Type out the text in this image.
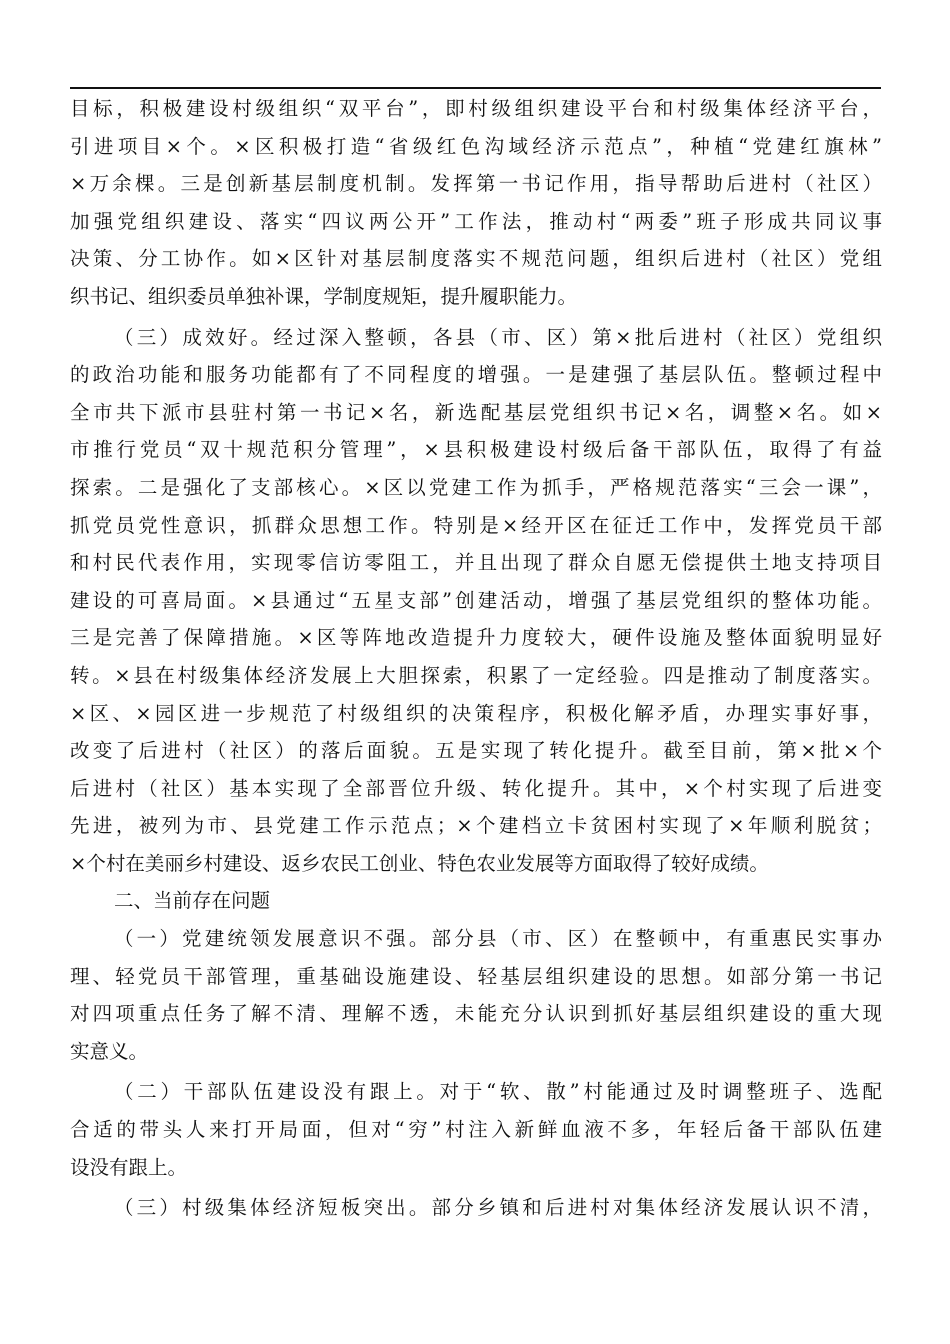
目标，积极建设村级组织“双平台”，即村级组织建设平台和村级集体经济平台，
引进项目×个。×区积极打造“省级红色沟域经济示范点”，种植“党建红旗林”
×万余棵。三是创新基层制度机制。发挥第一书记作用，指导帮助后进村（社区）
加强党组织建设、落实“四议两公开”工作法，推动村“两委”班子形成共同议事
决策、分工协作。如×区针对基层制度落实不规范问题，组织后进村（社区）党组
织书记、组织委员单独补课，学制度规矩，提升履职能力。
（三）成效好。经过深入整顿，各县（市、区）第×批后进村（社区）党组织
的政治功能和服务功能都有了不同程度的增强。一是建强了基层队伍。整顿过程中
全市共下派市县驻村第一书记×名，新选配基层党组织书记×名，调整×名。如×
市推行党员“双十规范积分管理”，×县积极建设村级后备干部队伍，取得了有益
探索。二是强化了支部核心。×区以党建工作为抓手，严格规范落实“三会一课”，
抓党员党性意识，抓群众思想工作。特别是×经开区在征迁工作中，发挥党员干部
和村民代表作用，实现零信访零阻工，并且出现了群众自愿无偿提供土地支持项目
建设的可喜局面。×县通过“五星支部”创建活动，增强了基层党组织的整体功能。
三是完善了保障措施。×区等阵地改造提升力度较大，硬件设施及整体面貌明显好
转。×县在村级集体经济发展上大胆探索，积累了一定经验。四是推动了制度落实。
×区、×园区进一步规范了村级组织的决策程序，积极化解矛盾，办理实事好事，
改变了后进村（社区）的落后面貌。五是实现了转化提升。截至目前，第×批×个
后进村（社区）基本实现了全部晋位升级、转化提升。其中，×个村实现了后进变
先进，被列为市、县党建工作示范点；×个建档立卡贫困村实现了×年顺利脱贫；
×个村在美丽乡村建设、返乡农民工创业、特色农业发展等方面取得了较好成绩。
二、当前存在问题
（一）党建统领发展意识不强。部分县（市、区）在整顿中，有重惠民实事办
理、轻党员干部管理，重基础设施建设、轻基层组织建设的思想。如部分第一书记
对四项重点任务了解不清、理解不透，未能充分认识到抓好基层组织建设的重大现
实意义。
（二）干部队伍建设没有跟上。对于“软、散”村能通过及时调整班子、选配
合适的带头人来打开局面，但对“穷”村注入新鲜血液不多，年轻后备干部队伍建
设没有跟上。
（三）村级集体经济短板突出。部分乡镇和后进村对集体经济发展认识不清，
